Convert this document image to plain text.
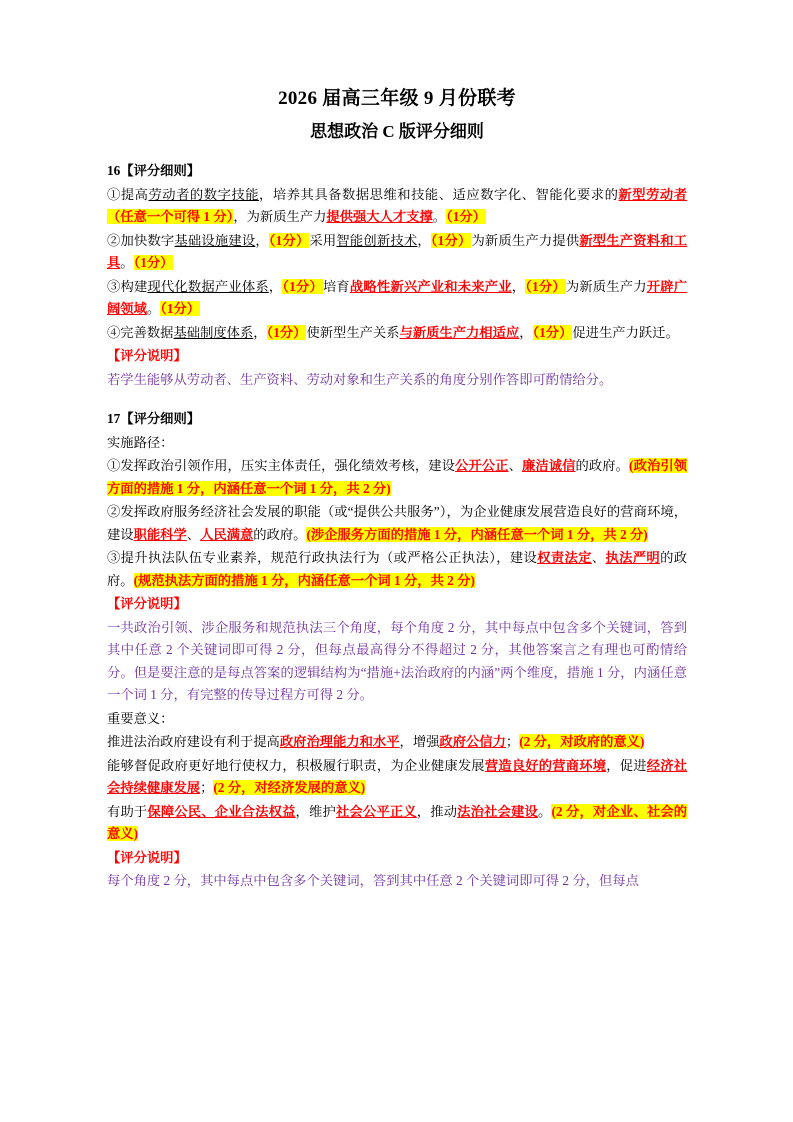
2026 届高三年级 9 月份联考
思想政治 C 版评分细则

16【评分细则】

①提高劳动者的数字技能，培养其具备数据思维和技能、适应数字化、智能化要求的新型劳动者（任意一个可得 1 分），为新质生产力提供强大人才支撑。（1分）

②加快数字基础设施建设，（1分）采用智能创新技术，（1分）为新质生产力提供新型生产资料和工具。（1分）

③构建现代化数据产业体系，（1分）培育战略性新兴产业和未来产业，（1分）为新质生产力开辟广阔领域。（1分）

④完善数据基础制度体系，（1分）使新型生产关系与新质生产力相适应，（1分）促进生产力跃迁。

【评分说明】

若学生能够从劳动者、生产资料、劳动对象和生产关系的角度分别作答即可酌情给分。

17【评分细则】

实施路径：

①发挥政治引领作用，压实主体责任，强化绩效考核，建设公开公正、廉洁诚信的政府。(政治引领方面的措施 1 分，内涵任意一个词 1 分，共 2 分)

②发挥政府服务经济社会发展的职能（或“提供公共服务”），为企业健康发展营造良好的营商环境，建设职能科学、人民满意的政府。(涉企服务方面的措施 1 分，内涵任意一个词 1 分，共 2 分)

③提升执法队伍专业素养，规范行政执法行为（或严格公正执法），建设权责法定、执法严明的政府。(规范执法方面的措施 1 分，内涵任意一个词 1 分，共 2 分)

【评分说明】

一共政治引领、涉企服务和规范执法三个角度，每个角度 2 分，其中每点中包含多个关键词，答到其中任意 2 个关键词即可得 2 分，但每点最高得分不得超过 2 分，其他答案言之有理也可酌情给分。但是要注意的是每点答案的逻辑结构为“措施+法治政府的内涵”两个维度，措施 1 分，内涵任意一个词 1 分，有完整的传导过程方可得 2 分。

重要意义：

推进法治政府建设有利于提高政府治理能力和水平，增强政府公信力；(2 分，对政府的意义)

能够督促政府更好地行使权力，积极履行职责，为企业健康发展营造良好的营商环境，促进经济社会持续健康发展；(2 分，对经济发展的意义)

有助于保障公民、企业合法权益，维护社会公平正义，推动法治社会建设。(2 分，对企业、社会的意义)

【评分说明】

每个角度 2 分，其中每点中包含多个关键词，答到其中任意 2 个关键词即可得 2 分，但每点
